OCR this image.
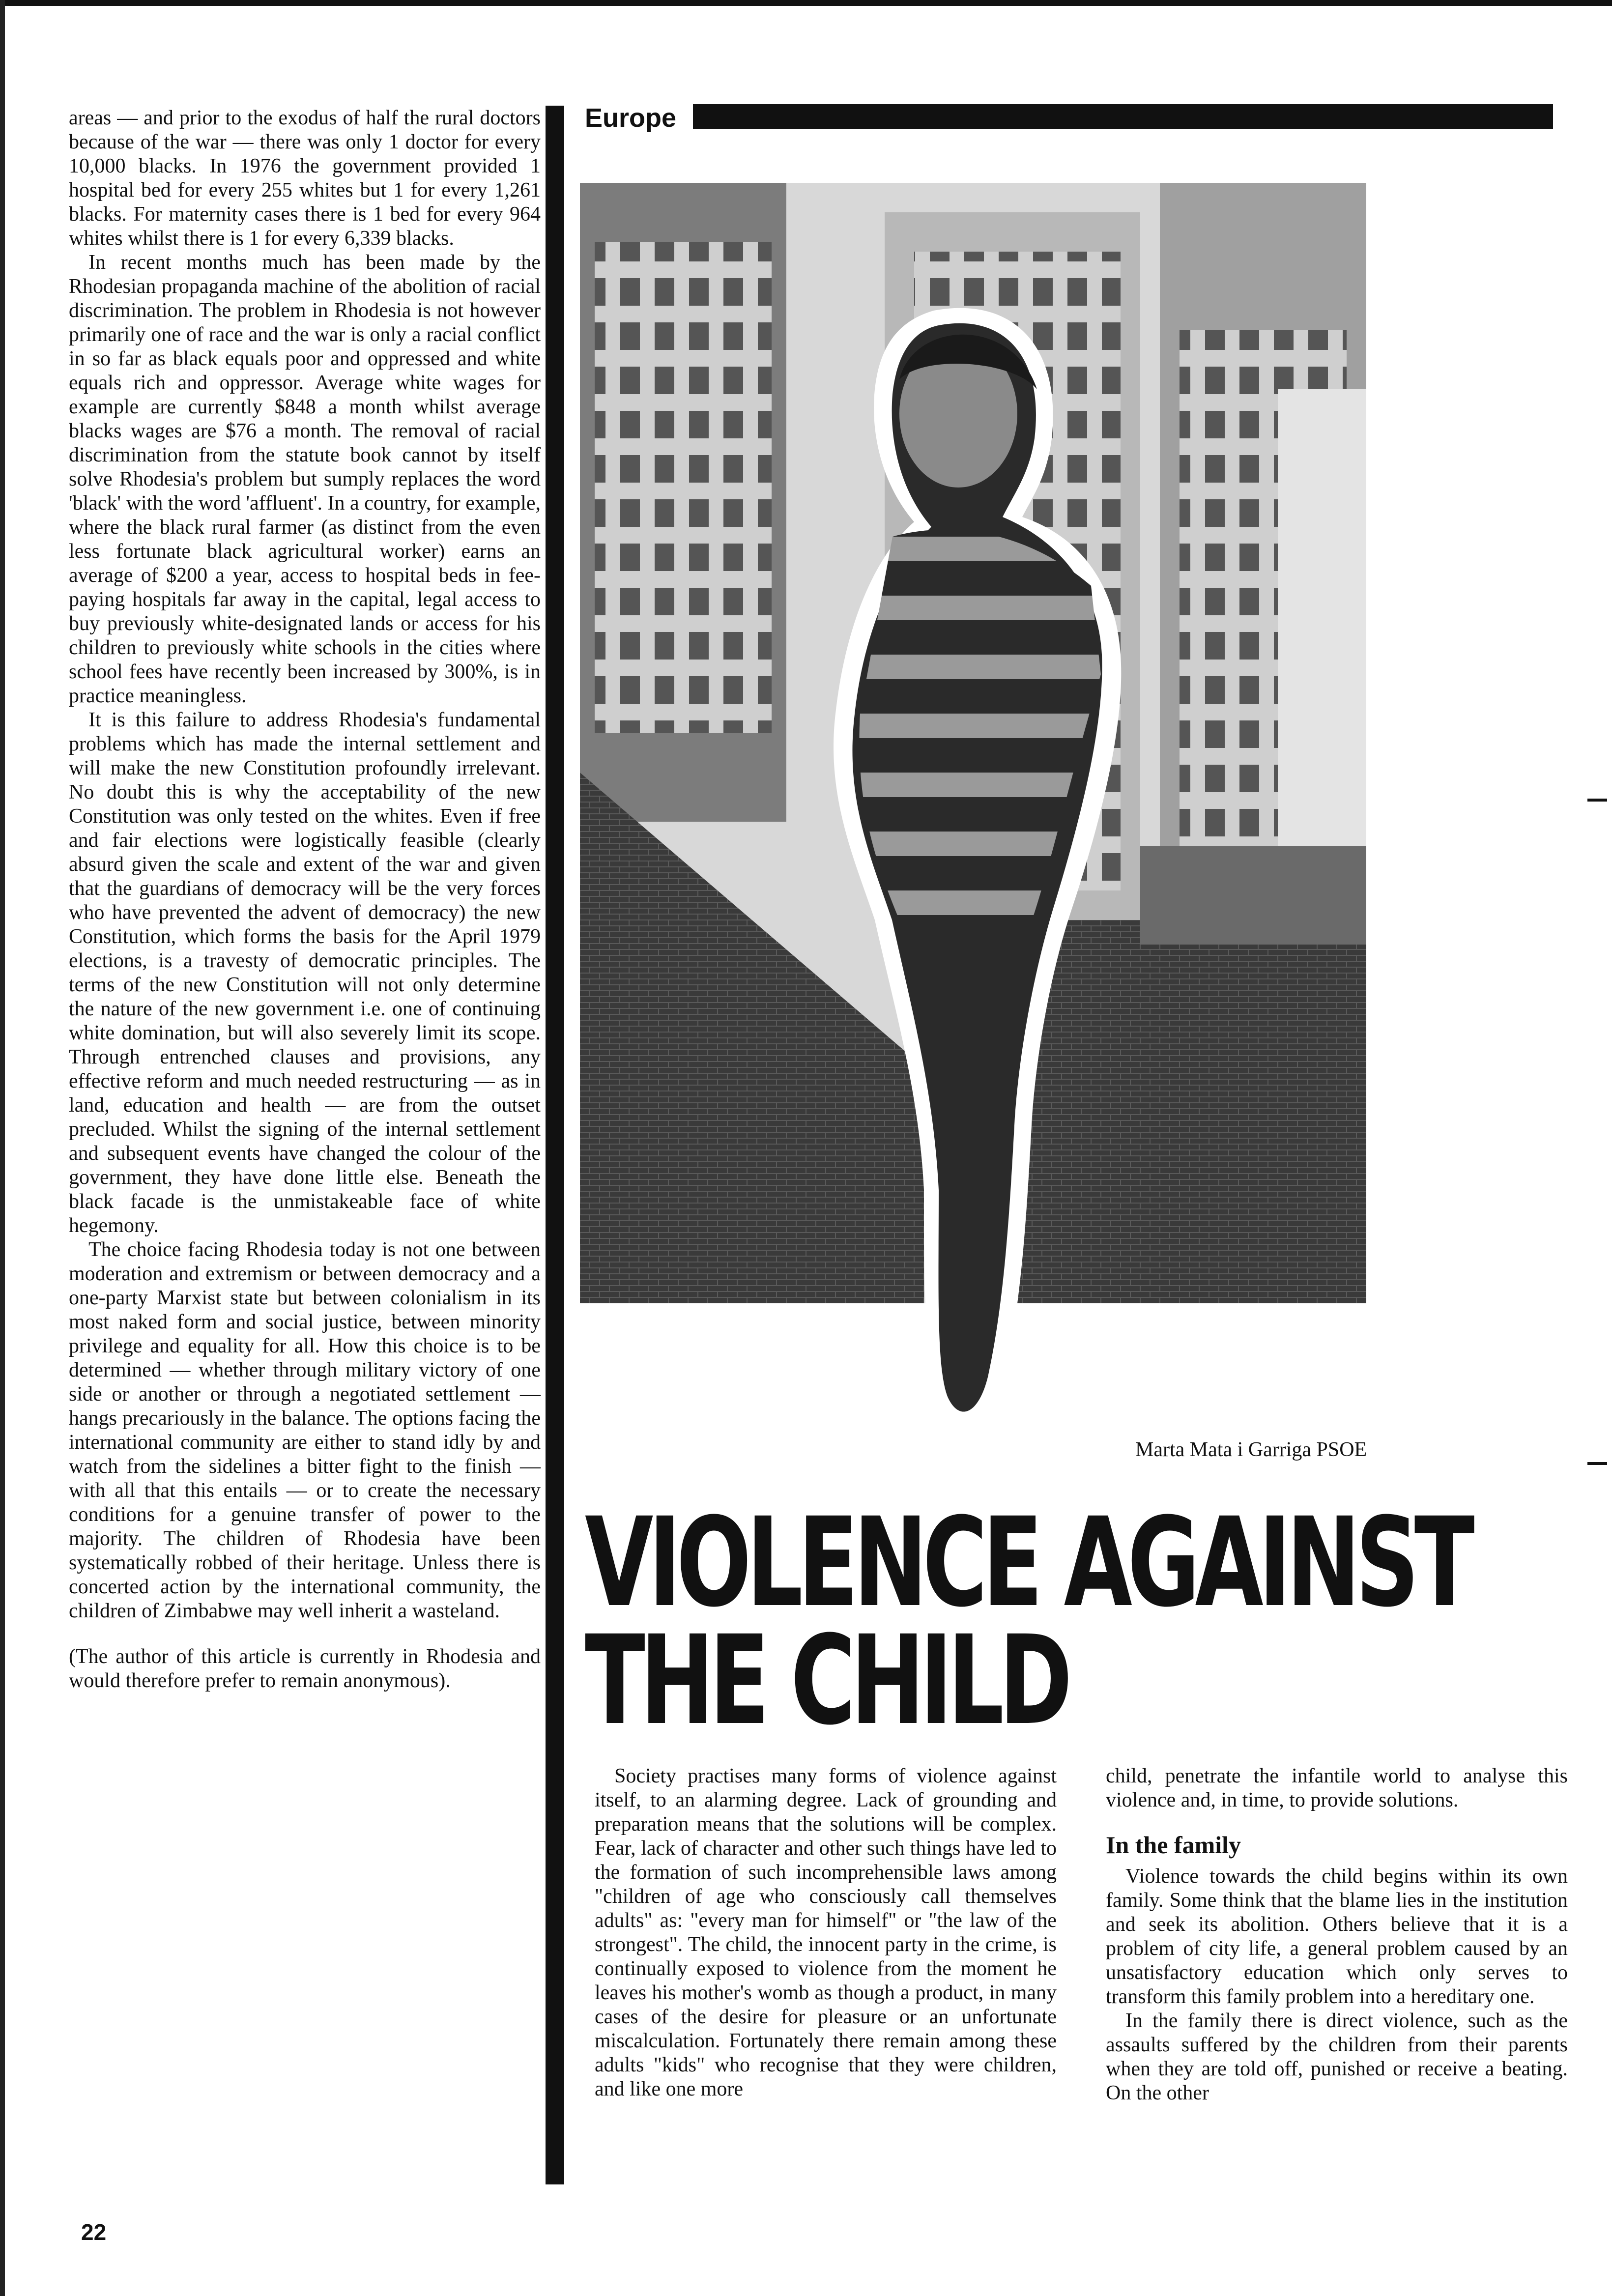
areas — and prior to the exodus of half the rural doctors because of the war — there was only 1 doctor for every 10,000 blacks. In 1976 the government provided 1 hospital bed for every 255 whites but 1 for every 1,261 blacks. For maternity cases there is 1 bed for every 964 whites whilst there is 1 for every 6,339 blacks.

In recent months much has been made by the Rhodesian propaganda machine of the abolition of racial discrimination. The problem in Rhodesia is not however primarily one of race and the war is only a racial conflict in so far as black equals poor and oppressed and white equals rich and oppressor. Average white wages for example are currently $848 a month whilst average blacks wages are $76 a month. The removal of racial discrimination from the statute book cannot by itself solve Rhodesia's problem but sumply replaces the word 'black' with the word 'affluent'. In a country, for example, where the black rural farmer (as distinct from the even less fortunate black agricultural worker) earns an average of $200 a year, access to hospital beds in fee-paying hospitals far away in the capital, legal access to buy previously white-designated lands or access for his children to previously white schools in the cities where school fees have recently been increased by 300%, is in practice meaningless.

It is this failure to address Rhodesia's fundamental problems which has made the internal settlement and will make the new Constitution profoundly irrelevant. No doubt this is why the acceptability of the new Constitution was only tested on the whites. Even if free and fair elections were logistically feasible (clearly absurd given the scale and extent of the war and given that the guardians of democracy will be the very forces who have prevented the advent of democracy) the new Constitution, which forms the basis for the April 1979 elections, is a travesty of democratic principles. The terms of the new Constitution will not only determine the nature of the new government i.e. one of continuing white domination, but will also severely limit its scope. Through entrenched clauses and provisions, any effective reform and much needed restructuring — as in land, education and health — are from the outset precluded. Whilst the signing of the internal settlement and subsequent events have changed the colour of the government, they have done little else. Beneath the black facade is the unmistakeable face of white hegemony.

The choice facing Rhodesia today is not one between moderation and extremism or between democracy and a one-party Marxist state but between colonialism in its most naked form and social justice, between minority privilege and equality for all. How this choice is to be determined — whether through military victory of one side or another or through a negotiated settlement — hangs precariously in the balance. The options facing the international community are either to stand idly by and watch from the sidelines a bitter fight to the finish — with all that this entails — or to create the necessary conditions for a genuine transfer of power to the majority. The children of Rhodesia have been systematically robbed of their heritage. Unless there is concerted action by the international community, the children of Zimbabwe may well inherit a wasteland.

(The author of this article is currently in Rhodesia and would therefore prefer to remain anonymous).

Europe
Marta Mata i Garriga PSOE
VIOLENCE AGAINST
THE CHILD

Society practises many forms of violence against itself, to an alarming degree. Lack of grounding and preparation means that the solutions will be complex. Fear, lack of character and other such things have led to the formation of such incomprehensible laws among "children of age who consciously call themselves adults" as: "every man for himself" or "the law of the strongest". The child, the innocent party in the crime, is continually exposed to violence from the moment he leaves his mother's womb as though a product, in many cases of the desire for pleasure or an unfortunate miscalculation. Fortunately there remain among these adults "kids" who recognise that they were children, and like one more

child, penetrate the infantile world to analyse this violence and, in time, to provide solutions.

In the family

Violence towards the child begins within its own family. Some think that the blame lies in the institution and seek its abolition. Others believe that it is a problem of city life, a general problem caused by an unsatisfactory education which only serves to transform this family problem into a hereditary one.

In the family there is direct violence, such as the assaults suffered by the children from their parents when they are told off, punished or receive a beating. On the other

22
